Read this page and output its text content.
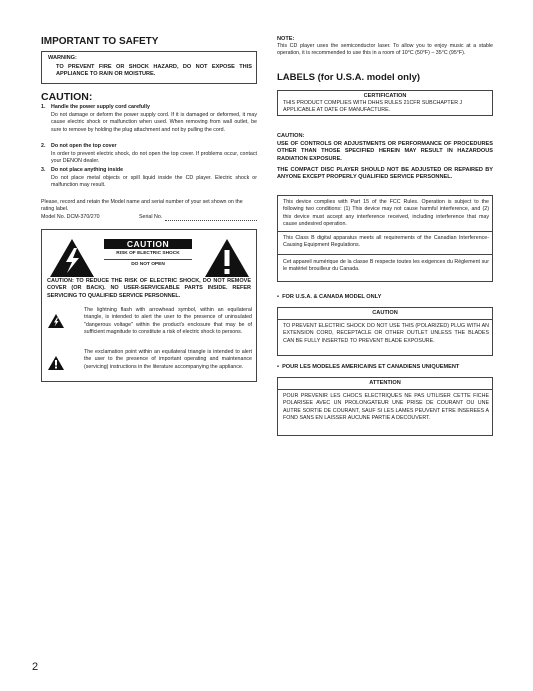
IMPORTANT TO SAFETY
WARNING:
TO PREVENT FIRE OR SHOCK HAZARD, DO NOT EXPOSE THIS APPLIANCE TO RAIN OR MOISTURE.
CAUTION:
1. Handle the power supply cord carefully
Do not damage or deform the power supply cord. If it is damaged or deformed, it may cause electric shock or malfunction when used. When removing from wall outlet, be sure to remove by holding the plug attachment and not by pulling the cord.
2. Do not open the top cover
In order to prevent electric shock, do not open the top cover. If problems occur, contact your DENON dealer.
3. Do not place anything inside
Do not place metal objects or spill liquid inside the CD player. Electric shock or malfunction may result.
Please, record and retain the Model name and serial number of your set shown on the rating label.
Model No. DCM-370/270	Serial No.
CAUTION
RISK OF ELECTRIC SHOCK
DO NOT OPEN
CAUTION: TO REDUCE THE RISK OF ELECTRIC SHOCK, DO NOT REMOVE COVER (OR BACK). NO USER-SERVICEABLE PARTS INSIDE. REFER SERVICING TO QUALIFIED SERVICE PERSONNEL.
The lightning flash with arrowhead symbol, within an equilateral triangle, is intended to alert the user to the presence of uninsulated "dangerous voltage" within the product's enclosure that may be of sufficient magnitude to constitute a risk of electric shock to persons.
The exclamation point within an equilateral triangle is intended to alert the user to the presence of important operating and maintenance (servicing) instructions in the literature accompanying the appliance.
2
NOTE:
This CD player uses the semiconductor laser. To allow you to enjoy music at a stable operation, it is recommended to use this in a room of 10°C (50°F) – 35°C (95°F).
LABELS (for U.S.A. model only)
CERTIFICATION
THIS PRODUCT COMPLIES WITH DHHS RULES 21CFR SUBCHAPTER J APPLICABLE AT DATE OF MANUFACTURE.
CAUTION:
USE OF CONTROLS OR ADJUSTMENTS OR PERFORMANCE OF PROCEDURES OTHER THAN THOSE SPECIFIED HEREIN MAY RESULT IN HAZARDOUS RADIATION EXPOSURE.
THE COMPACT DISC PLAYER SHOULD NOT BE ADJUSTED OR REPAIRED BY ANYONE EXCEPT PROPERLY QUALIFIED SERVICE PERSONNEL.
This device complies with Part 15 of the FCC Rules. Operation is subject to the following two conditions: (1) This device may not cause harmful interference, and (2) this device must accept any interference received, including interference that may cause undesired operation.
This Class B digital apparatus meets all requirements of the Canadian Interference-Causing Equipment Regulations.
Cet appareil numérique de la classe B respecte toutes les exigences du Règlement sur le matériel brouilleur du Canada.
•  FOR U.S.A. & CANADA MODEL ONLY
CAUTION
TO PREVENT ELECTRIC SHOCK DO NOT USE THIS (POLARIZED) PLUG WITH AN EXTENSION CORD, RECEPTACLE OR OTHER OUTLET UNLESS THE BLADES CAN BE FULLY INSERTED TO PREVENT BLADE EXPOSURE.
•  POUR LES MODELES AMERICAINS ET CANADIENS UNIQUEMENT
ATTENTION
POUR PREVENIR LES CHOCS ELECTRIQUES NE PAS UTILISER CETTE FICHE POLARISEE AVEC UN PROLONGATEUR UNE PRISE DE COURANT OU UNE AUTRE SORTIE DE COURANT, SAUF SI LES LAMES PEUVENT ETRE INSEREES A FOND SANS EN LAISSER AUCUNE PARTIE A DECOUVERT.
